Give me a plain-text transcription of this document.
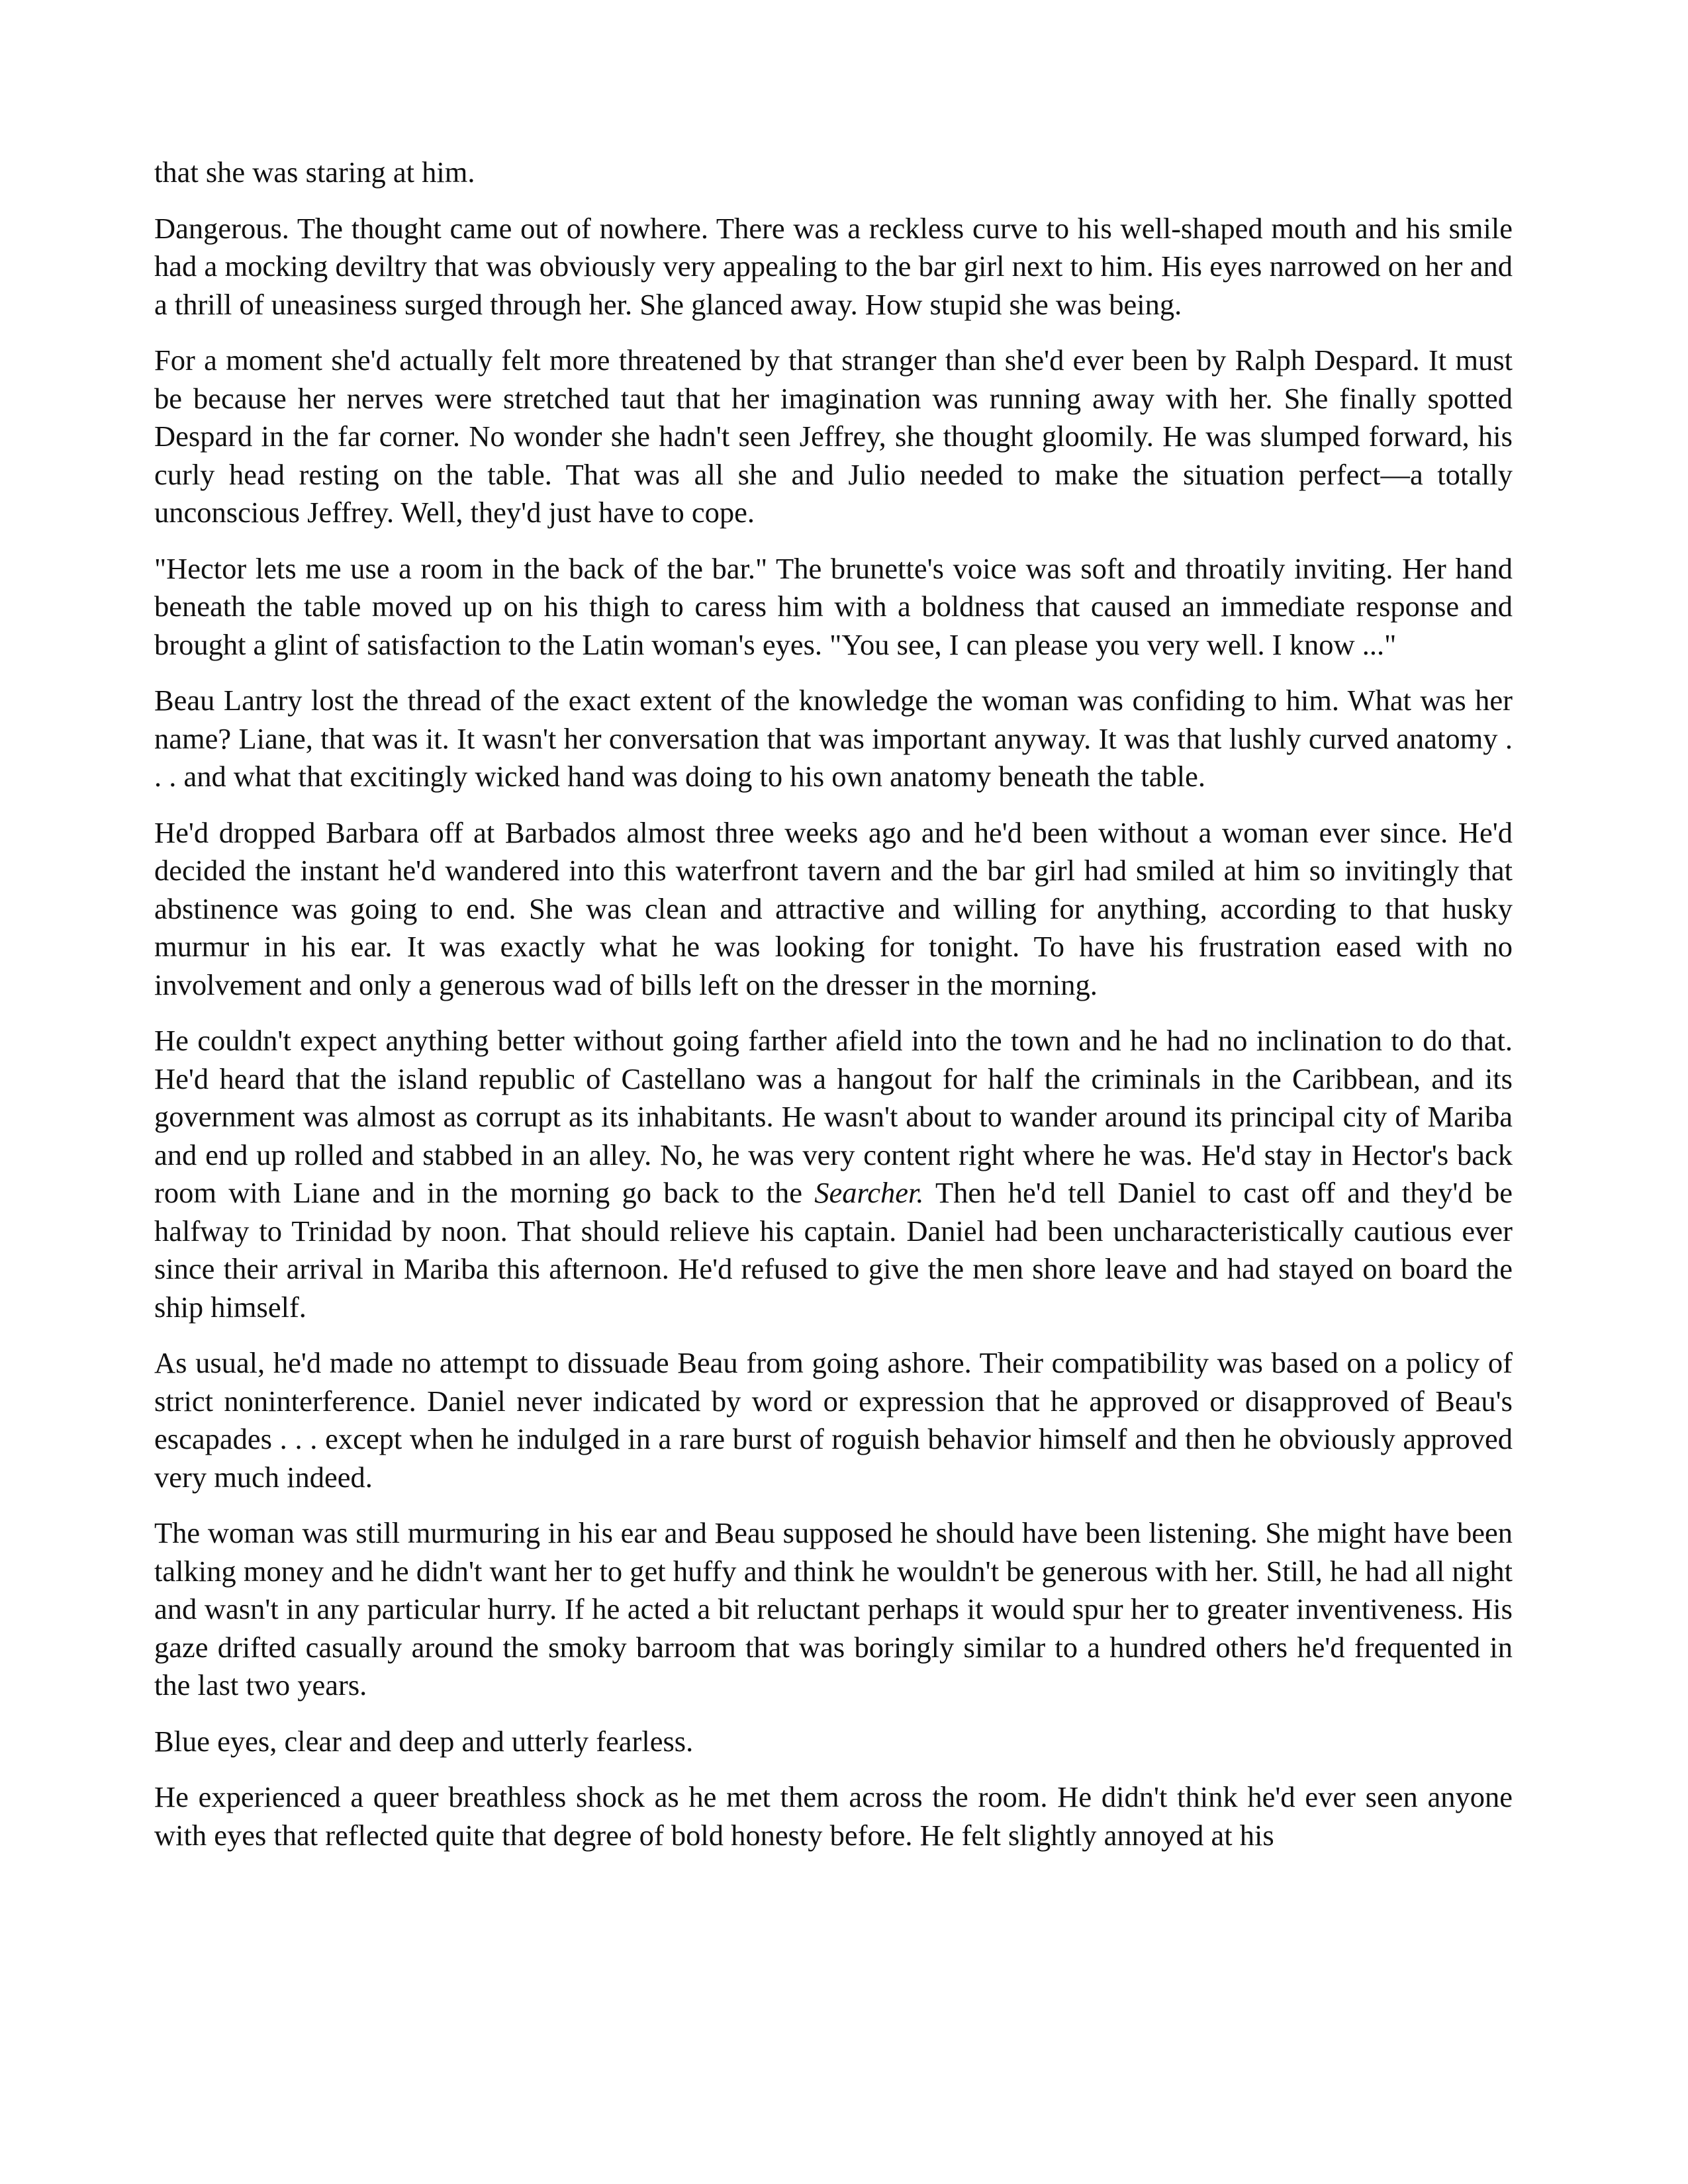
that she was staring at him.

Dangerous. The thought came out of nowhere. There was a reckless curve to his well-shaped mouth and his smile had a mocking deviltry that was obviously very appealing to the bar girl next to him. His eyes narrowed on her and a thrill of uneasiness surged through her. She glanced away. How stupid she was being.

For a moment she'd actually felt more threatened by that stranger than she'd ever been by Ralph Despard. It must be because her nerves were stretched taut that her imagination was running away with her. She finally spotted Despard in the far corner. No wonder she hadn't seen Jeffrey, she thought gloomily. He was slumped forward, his curly head resting on the table. That was all she and Julio needed to make the situation perfect—a totally unconscious Jeffrey. Well, they'd just have to cope.

"Hector lets me use a room in the back of the bar." The brunette's voice was soft and throatily inviting. Her hand beneath the table moved up on his thigh to caress him with a boldness that caused an immediate response and brought a glint of satisfaction to the Latin woman's eyes. "You see, I can please you very well. I know ..."

Beau Lantry lost the thread of the exact extent of the knowledge the woman was confiding to him. What was her name? Liane, that was it. It wasn't her conversation that was important anyway. It was that lushly curved anatomy . . . and what that excitingly wicked hand was doing to his own anatomy beneath the table.

He'd dropped Barbara off at Barbados almost three weeks ago and he'd been without a woman ever since. He'd decided the instant he'd wandered into this waterfront tavern and the bar girl had smiled at him so invitingly that abstinence was going to end. She was clean and attractive and willing for anything, according to that husky murmur in his ear. It was exactly what he was looking for tonight. To have his frustration eased with no involvement and only a generous wad of bills left on the dresser in the morning.

He couldn't expect anything better without going farther afield into the town and he had no inclination to do that. He'd heard that the island republic of Castellano was a hangout for half the criminals in the Caribbean, and its government was almost as corrupt as its inhabitants. He wasn't about to wander around its principal city of Mariba and end up rolled and stabbed in an alley. No, he was very content right where he was. He'd stay in Hector's back room with Liane and in the morning go back to the Searcher. Then he'd tell Daniel to cast off and they'd be halfway to Trinidad by noon. That should relieve his captain. Daniel had been uncharacteristically cautious ever since their arrival in Mariba this afternoon. He'd refused to give the men shore leave and had stayed on board the ship himself.

As usual, he'd made no attempt to dissuade Beau from going ashore. Their compatibility was based on a policy of strict noninterference. Daniel never indicated by word or expression that he approved or disapproved of Beau's escapades . . . except when he indulged in a rare burst of roguish behavior himself and then he obviously approved very much indeed.

The woman was still murmuring in his ear and Beau supposed he should have been listening. She might have been talking money and he didn't want her to get huffy and think he wouldn't be generous with her. Still, he had all night and wasn't in any particular hurry. If he acted a bit reluctant perhaps it would spur her to greater inventiveness. His gaze drifted casually around the smoky barroom that was boringly similar to a hundred others he'd frequented in the last two years.

Blue eyes, clear and deep and utterly fearless.

He experienced a queer breathless shock as he met them across the room. He didn't think he'd ever seen anyone with eyes that reflected quite that degree of bold honesty before. He felt slightly annoyed at his
